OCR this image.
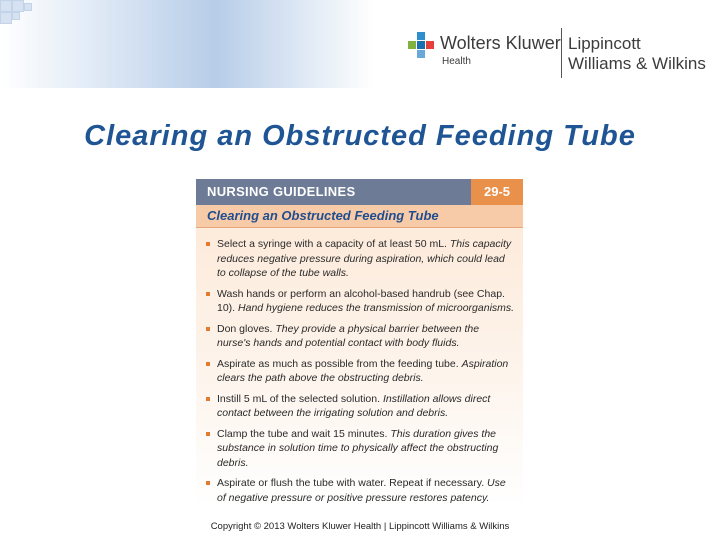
Wolters Kluwer
Health
Lippincott
Williams & Wilkins
Clearing an Obstructed Feeding Tube
NURSING GUIDELINES	29-5
Clearing an Obstructed Feeding Tube
Select a syringe with a capacity of at least 50 mL. This capacity reduces negative pressure during aspiration, which could lead to collapse of the tube walls.
Wash hands or perform an alcohol-based handrub (see Chap. 10). Hand hygiene reduces the transmission of microorganisms.
Don gloves. They provide a physical barrier between the nurse's hands and potential contact with body fluids.
Aspirate as much as possible from the feeding tube. Aspiration clears the path above the obstructing debris.
Instill 5 mL of the selected solution. Instillation allows direct contact between the irrigating solution and debris.
Clamp the tube and wait 15 minutes. This duration gives the substance in solution time to physically affect the obstructing debris.
Aspirate or flush the tube with water. Repeat if necessary. Use of negative pressure or positive pressure restores patency.
Copyright © 2013 Wolters Kluwer Health | Lippincott Williams & Wilkins
